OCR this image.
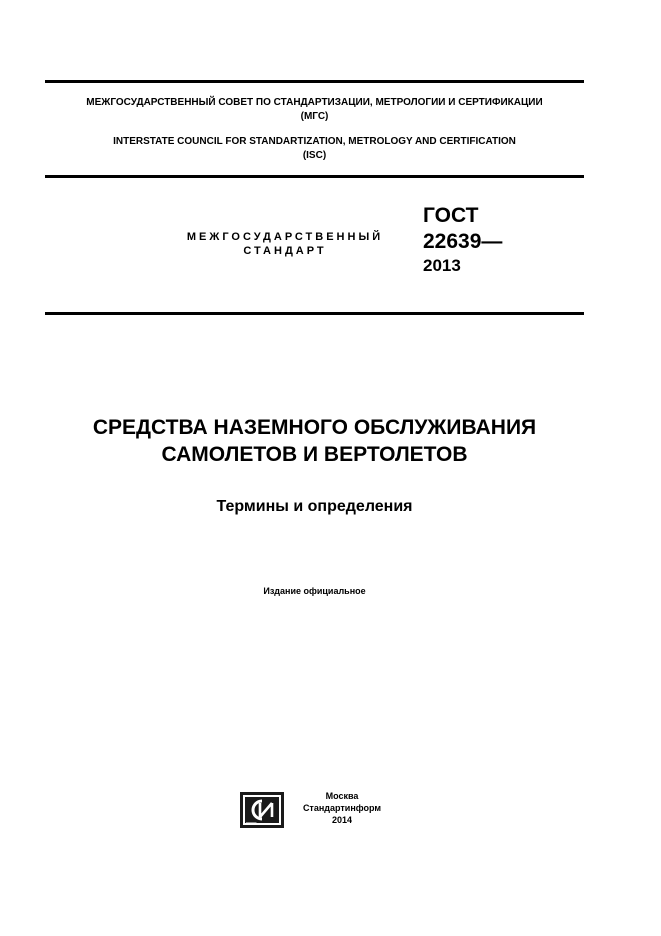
МЕЖГОСУДАРСТВЕННЫЙ СОВЕТ ПО СТАНДАРТИЗАЦИИ, МЕТРОЛОГИИ И СЕРТИФИКАЦИИ
(МГС)
INTERSTATE COUNCIL FOR STANDARTIZATION, METROLOGY AND CERTIFICATION
(ISC)
МЕЖГОСУДАРСТВЕННЫЙ
СТАНДАРТ
ГОСТ
22639—
2013
СРЕДСТВА НАЗЕМНОГО ОБСЛУЖИВАНИЯ
САМОЛЕТОВ И ВЕРТОЛЕТОВ
Термины и определения
Издание официальное
Москва
Стандартинформ
2014
